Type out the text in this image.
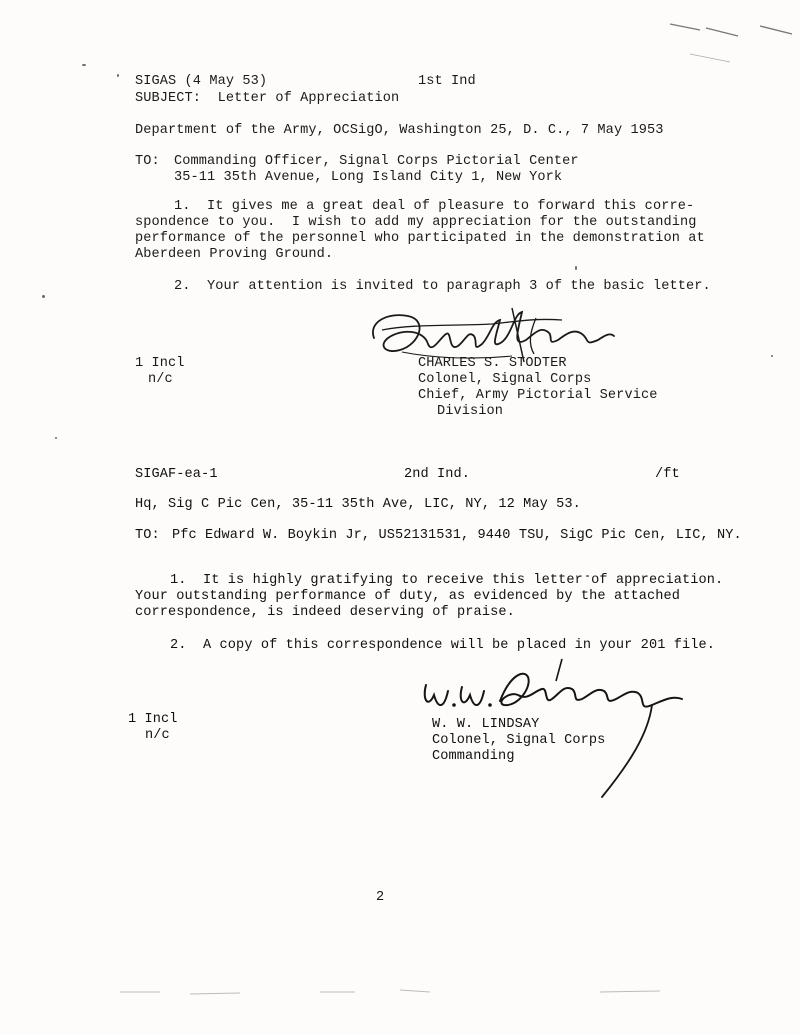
SIGAS (4 May 53)	1st Ind
SUBJECT:  Letter of Appreciation
Department of the Army, OCSigO, Washington 25, D. C., 7 May 1953
TO: Commanding Officer, Signal Corps Pictorial Center
35-11 35th Avenue, Long Island City 1, New York
1.  It gives me a great deal of pleasure to forward this corre-
spondence to you.  I wish to add my appreciation for the outstanding
performance of the personnel who participated in the demonstration at
Aberdeen Proving Ground.
2.  Your attention is invited to paragraph 3 of the basic letter.
1 Incl
n/c
CHARLES S. STODTER
Colonel, Signal Corps
Chief, Army Pictorial Service
Division
SIGAF-ea-1	2nd Ind.	/ft
Hq, Sig C Pic Cen, 35-11 35th Ave, LIC, NY, 12 May 53.
TO: Pfc Edward W. Boykin Jr, US52131531, 9440 TSU, SigC Pic Cen, LIC, NY.
1.  It is highly gratifying to receive this letter of appreciation.
Your outstanding performance of duty, as evidenced by the attached
correspondence, is indeed deserving of praise.
2.  A copy of this correspondence will be placed in your 201 file.
1 Incl
n/c
W. W. LINDSAY
Colonel, Signal Corps
Commanding
2
